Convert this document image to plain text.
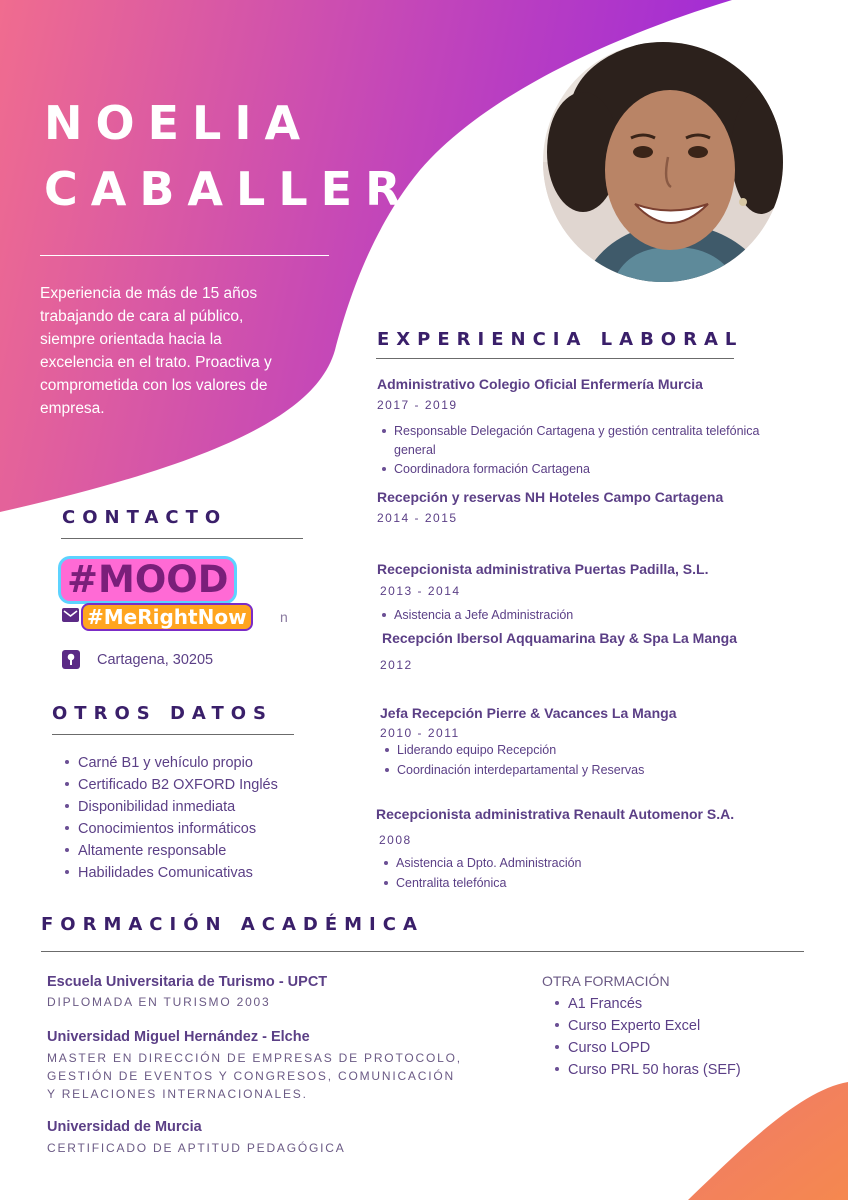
NOELIA
CABALLERO
Experiencia de más de 15 años trabajando de cara al público, siempre orientada hacia la excelencia en el trato. Proactiva y comprometida con los valores de empresa.
EXPERIENCIA LABORAL
Administrativo Colegio Oficial Enfermería Murcia
2017 - 2019
Responsable Delegación Cartagena y gestión centralita telefónica
general
Coordinadora formación Cartagena
Recepción y reservas NH Hoteles Campo Cartagena
2014 - 2015
Recepcionista administrativa Puertas Padilla, S.L.
2013 - 2014
Asistencia a Jefe Administración
Recepción Ibersol Aqquamarina Bay & Spa La Manga
2012
Jefa Recepción Pierre & Vacances La Manga
2010 - 2011
Liderando equipo Recepción
Coordinación interdepartamental y Reservas
Recepcionista administrativa Renault Automenor S.A.
2008
Asistencia a Dpto. Administración
Centralita telefónica
CONTACTO
#MOOD
#MeRightNow	n
Cartagena, 30205
OTROS DATOS
Carné B1 y vehículo propio
Certificado B2 OXFORD Inglés
Disponibilidad inmediata
Conocimientos informáticos
Altamente responsable
Habilidades Comunicativas
FORMACIÓN ACADÉMICA
Escuela Universitaria de Turismo - UPCT
DIPLOMADA EN TURISMO 2003
Universidad Miguel Hernández - Elche
MASTER EN DIRECCIÓN DE EMPRESAS DE PROTOCOLO,
GESTIÓN DE EVENTOS Y CONGRESOS, COMUNICACIÓN
Y RELACIONES INTERNACIONALES.
Universidad de Murcia
CERTIFICADO DE APTITUD PEDAGÓGICA
OTRA FORMACIÓN
A1 Francés
Curso Experto Excel
Curso LOPD
Curso PRL 50 horas (SEF)
